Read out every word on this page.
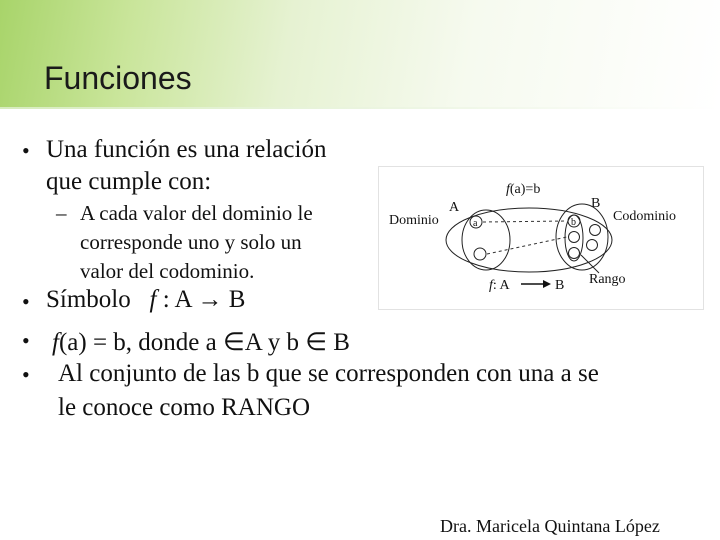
Funciones
• Una función es una relación
que cumple con:
– A cada valor del dominio le
corresponde uno y solo un
valor del codominio.
• Símbolo f : A → B
• f(a) = b, donde a ∈A y b ∈ B
• Al conjunto de las b que se corresponden con una a se
le conoce como RANGO
f(a)=b
Dominio	Codominio
A	B
a	b
Rango
f: A	B
Dra. Maricela Quintana López
